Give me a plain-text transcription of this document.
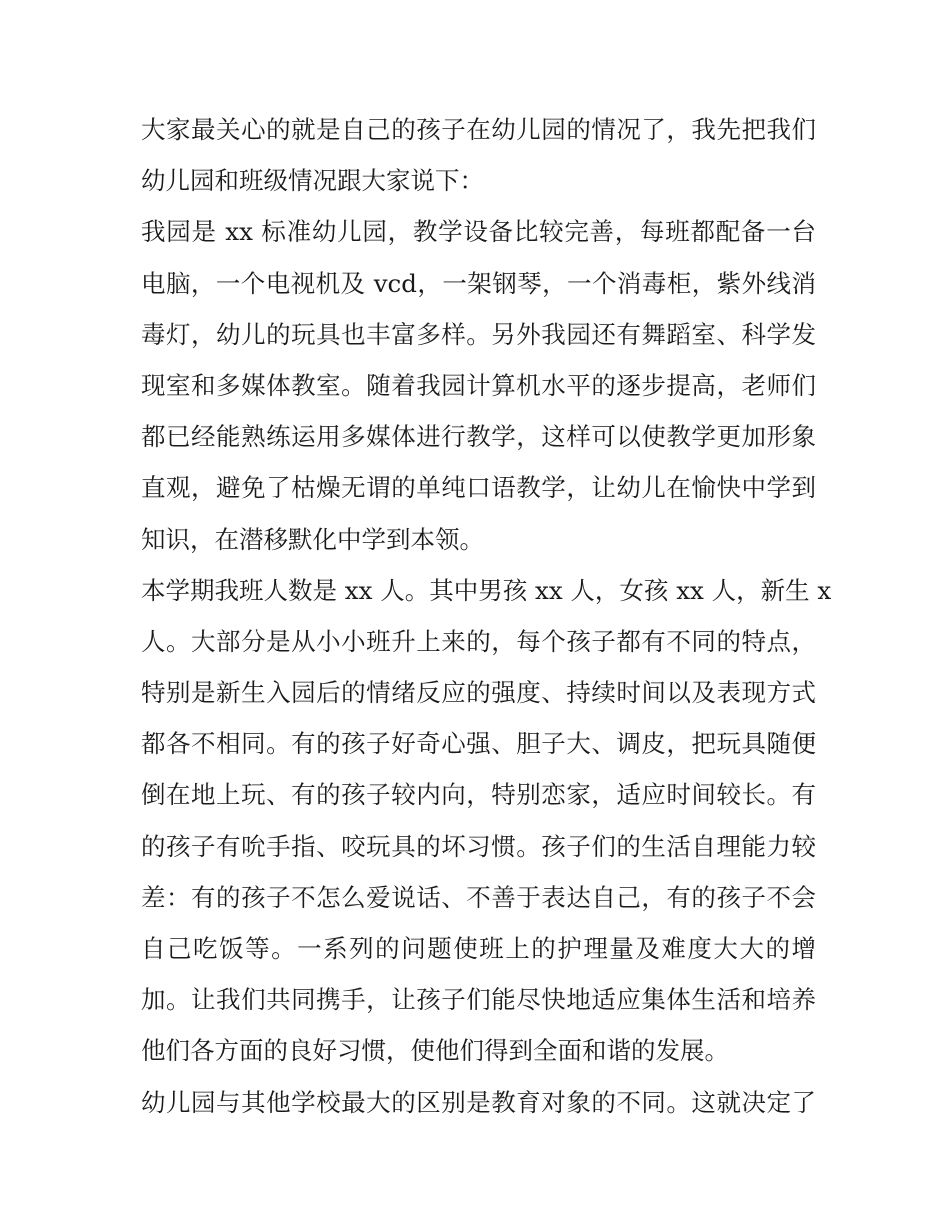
大家最关心的就是自己的孩子在幼儿园的情况了，我先把我们
幼儿园和班级情况跟大家说下：
我园是 xx 标准幼儿园，教学设备比较完善，每班都配备一台
电脑，一个电视机及 vcd，一架钢琴，一个消毒柜，紫外线消
毒灯，幼儿的玩具也丰富多样。另外我园还有舞蹈室、科学发
现室和多媒体教室。随着我园计算机水平的逐步提高，老师们
都已经能熟练运用多媒体进行教学，这样可以使教学更加形象
直观，避免了枯燥无谓的单纯口语教学，让幼儿在愉快中学到
知识，在潜移默化中学到本领。
本学期我班人数是 xx 人。其中男孩 xx 人，女孩 xx 人，新生 x
人。大部分是从小小班升上来的，每个孩子都有不同的特点，
特别是新生入园后的情绪反应的强度、持续时间以及表现方式
都各不相同。有的孩子好奇心强、胆子大、调皮，把玩具随便
倒在地上玩、有的孩子较内向，特别恋家，适应时间较长。有
的孩子有吮手指、咬玩具的坏习惯。孩子们的生活自理能力较
差：有的孩子不怎么爱说话、不善于表达自己，有的孩子不会
自己吃饭等。一系列的问题使班上的护理量及难度大大的增
加。让我们共同携手，让孩子们能尽快地适应集体生活和培养
他们各方面的良好习惯，使他们得到全面和谐的发展。
幼儿园与其他学校最大的区别是教育对象的不同。这就决定了
